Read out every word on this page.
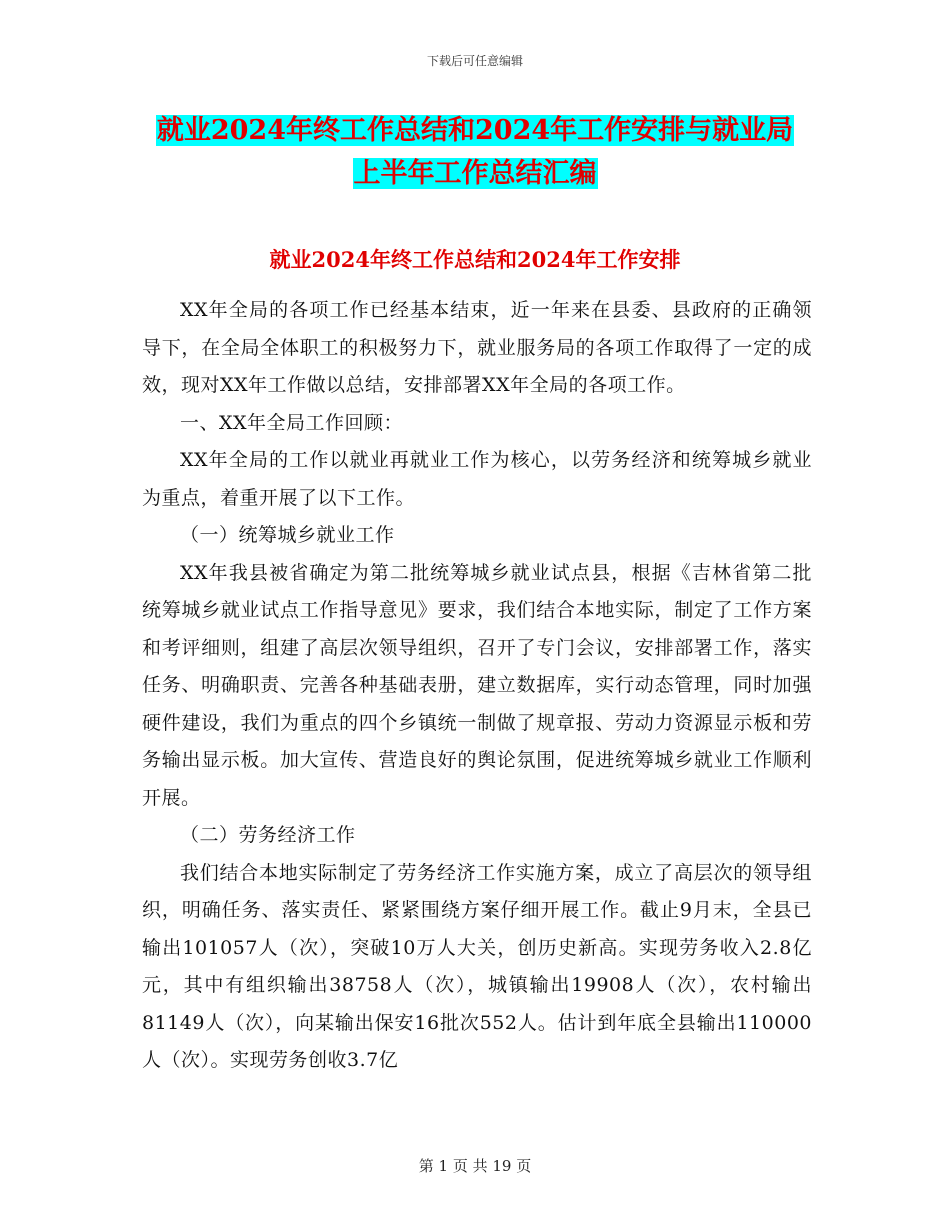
下载后可任意编辑
就业2024年终工作总结和2024年工作安排与就业局
上半年工作总结汇编
就业2024年终工作总结和2024年工作安排

XX年全局的各项工作已经基本结束，近一年来在县委、县政府的正确领导下，在全局全体职工的积极努力下，就业服务局的各项工作取得了一定的成效，现对XX年工作做以总结，安排部署XX年全局的各项工作。

一、XX年全局工作回顾：

XX年全局的工作以就业再就业工作为核心，以劳务经济和统筹城乡就业为重点，着重开展了以下工作。

（一）统筹城乡就业工作

XX年我县被省确定为第二批统筹城乡就业试点县，根据《吉林省第二批统筹城乡就业试点工作指导意见》要求，我们结合本地实际，制定了工作方案和考评细则，组建了高层次领导组织，召开了专门会议，安排部署工作，落实任务、明确职责、完善各种基础表册，建立数据库，实行动态管理，同时加强硬件建设，我们为重点的四个乡镇统一制做了规章报、劳动力资源显示板和劳务输出显示板。加大宣传、营造良好的舆论氛围，促进统筹城乡就业工作顺利开展。

（二）劳务经济工作

我们结合本地实际制定了劳务经济工作实施方案，成立了高层次的领导组织，明确任务、落实责任、紧紧围绕方案仔细开展工作。截止9月末，全县已输出101057人（次），突破10万人大关，创历史新高。实现劳务收入2.8亿元，其中有组织输出38758人（次），城镇输出19908人（次），农村输出81149人（次），向某输出保安16批次552人。估计到年底全县输出110000人（次）。实现劳务创收3.7亿

第 1 页 共 19 页
